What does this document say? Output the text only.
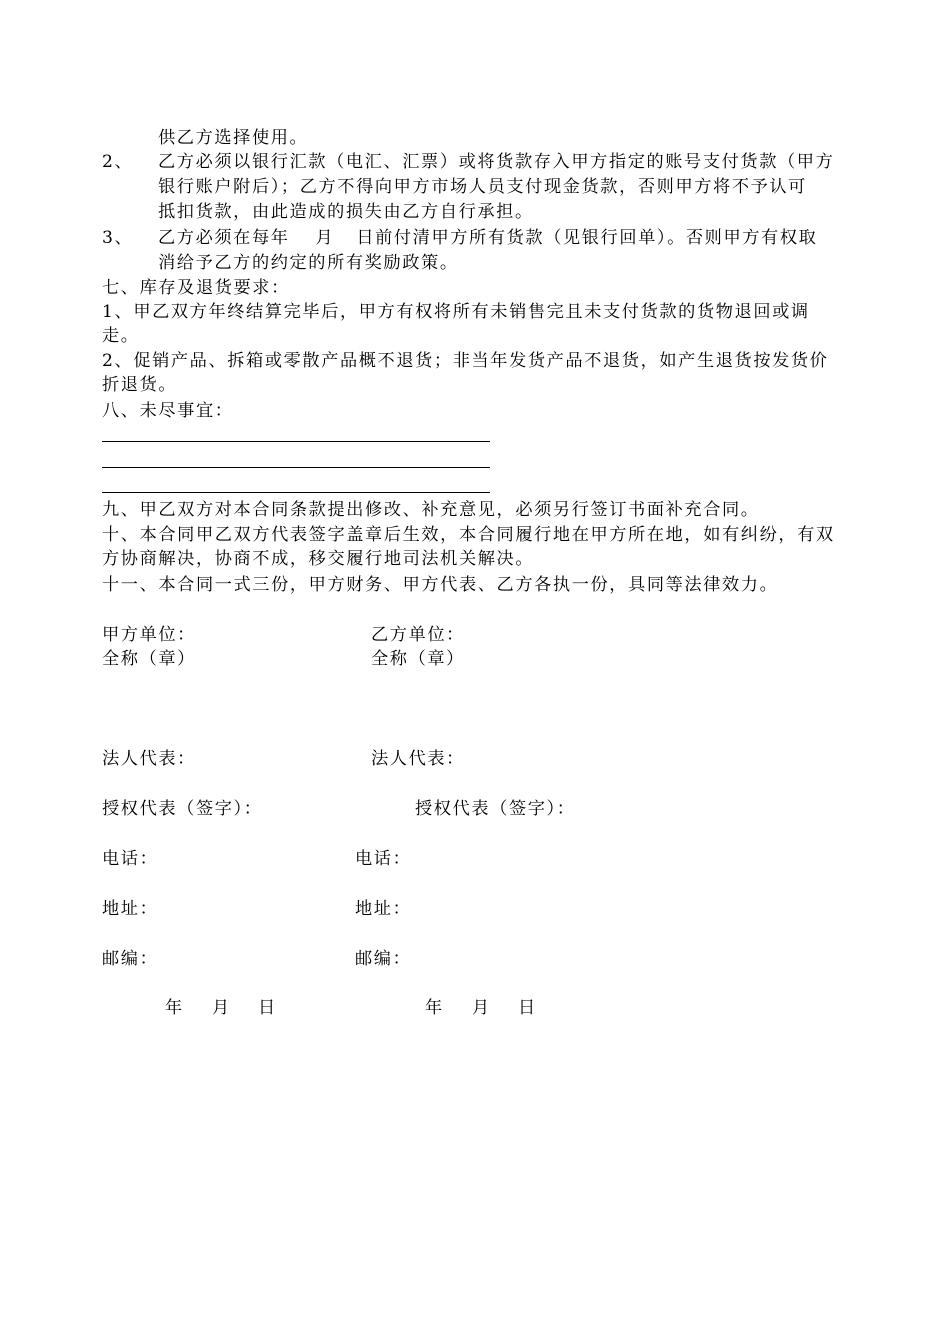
供乙方选择使用。
2、 乙方必须以银行汇款（电汇、汇票）或将货款存入甲方指定的账号支付货款（甲方
银行账户附后）；乙方不得向甲方市场人员支付现金货款，否则甲方将不予认可
抵扣货款，由此造成的损失由乙方自行承担。
3、 乙方必须在每年 月 日前付清甲方所有货款（见银行回单）。否则甲方有权取
消给予乙方的约定的所有奖励政策。
七、库存及退货要求：
1、甲乙双方年终结算完毕后，甲方有权将所有未销售完且未支付货款的货物退回或调
走。
2、促销产品、拆箱或零散产品概不退货；非当年发货产品不退货，如产生退货按发货价
折退货。
八、未尽事宜：
九、甲乙双方对本合同条款提出修改、补充意见，必须另行签订书面补充合同。
十、本合同甲乙双方代表签字盖章后生效，本合同履行地在甲方所在地，如有纠纷，有双
方协商解决，协商不成，移交履行地司法机关解决。
十一、本合同一式三份，甲方财务、甲方代表、乙方各执一份，具同等法律效力。
甲方单位：
全称（章）
法人代表：
授权代表（签字）：
电话：
地址：
邮编：
年 月 日
乙方单位：
全称（章）
法人代表：
授权代表（签字）：
电话：
地址：
邮编：
年 月 日
